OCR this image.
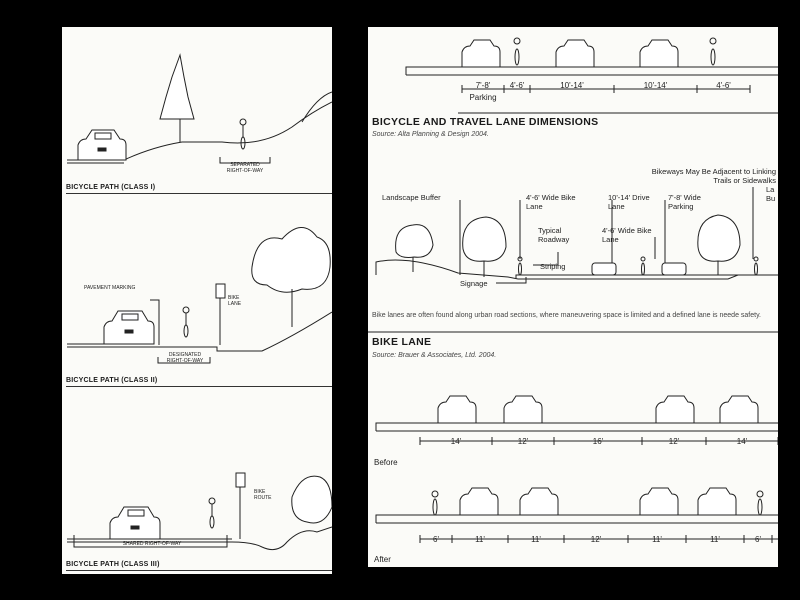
SEPARATED RIGHT-OF-WAY
BICYCLE PATH (CLASS I)
PAVEMENT MARKING
BIKE LANE
DESIGNATED RIGHT-OF-WAY
BICYCLE PATH (CLASS II)
BIKE ROUTE
SHARED RIGHT-OF-WAY
BICYCLE PATH (CLASS III)
7'-8'	4'-6'	10'-14'	10'-14'	4'-6'
Parking
BICYCLE AND TRAVEL LANE DIMENSIONS
Source: Alta Planning & Design 2004.
Landscape Buffer	4'-6' Wide Bike Lane
10'-14' Drive Lane
Bikeways May Be Adjacent to Linking Trails or Sidewalks
7'-8' Wide Parking
Typical Roadway
4'-6' Wide Bike Lane
Striping
Signage
La Bu
Bike lanes are often found along urban road sections, where maneuvering space is limited and a defined lane is neede safety.
BIKE LANE
Source: Brauer & Associates, Ltd. 2004.
14'	12'	16'	12'	14'
Before
6'	11'	11'	12'	11'	11'	6'
After
